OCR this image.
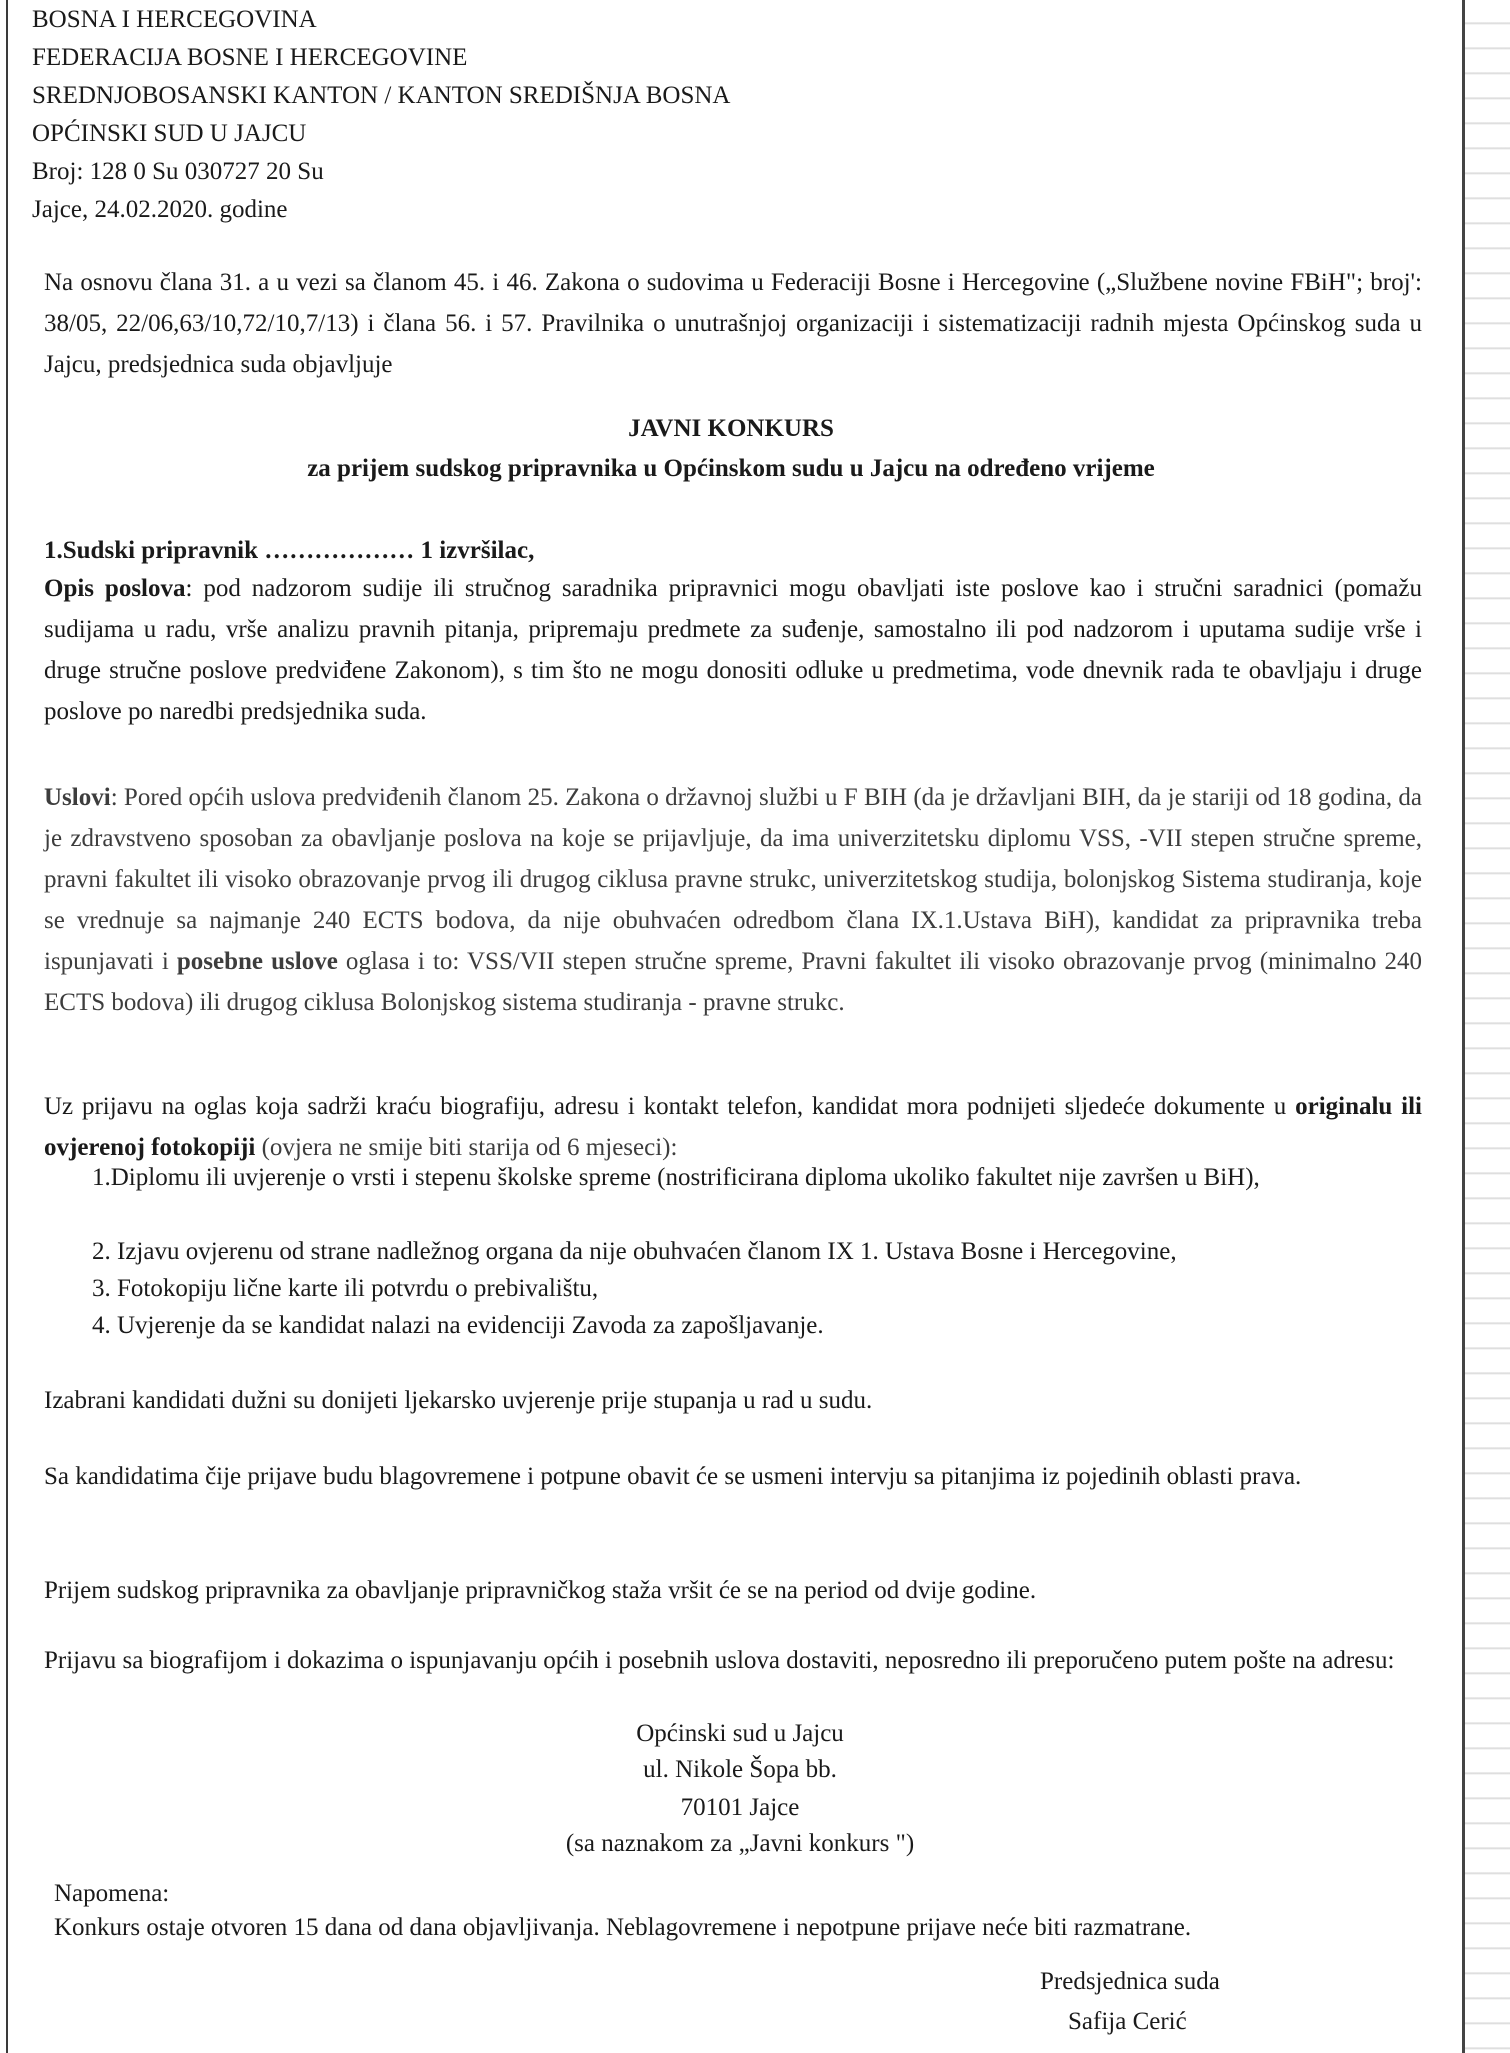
BOSNA I HERCEGOVINA
FEDERACIJA BOSNE I HERCEGOVINE
SREDNJOBOSANSKI KANTON / KANTON SREDIŠNJA BOSNA
OPĆINSKI SUD U JAJCU
Broj: 128 0 Su 030727 20 Su
Jajce, 24.02.2020. godine
Na osnovu člana 31. a u vezi sa članom 45. i 46. Zakona o sudovima u Federaciji Bosne i Hercegovine („Službene novine FBiH"; broj': 38/05, 22/06,63/10,72/10,7/13) i člana 56. i 57. Pravilnika o unutrašnjoj organizaciji i sistematizaciji radnih mjesta Općinskog suda u Jajcu, predsjednica suda objavljuje
JAVNI KONKURS
za prijem sudskog pripravnika u Općinskom sudu u Jajcu na određeno vrijeme
1.Sudski pripravnik ……………… 1 izvršilac,
Opis poslova: pod nadzorom sudije ili stručnog saradnika pripravnici mogu obavljati iste poslove kao i stručni saradnici (pomažu sudijama u radu, vrše analizu pravnih pitanja, pripremaju predmete za suđenje, samostalno ili pod nadzorom i uputama sudije vrše i druge stručne poslove predviđene Zakonom), s tim što ne mogu donositi odluke u predmetima, vode dnevnik rada te obavljaju i druge poslove po naredbi predsjednika suda.
Uslovi: Pored općih uslova predviđenih članom 25. Zakona o državnoj službi u F BIH (da je državljani BIH, da je stariji od 18 godina, da je zdravstveno sposoban za obavljanje poslova na koje se prijavljuje, da ima univerzitetsku diplomu VSS, -VII stepen stručne spreme, pravni fakultet ili visoko obrazovanje prvog ili drugog ciklusa pravne strukc, univerzitetskog studija, bolonjskog Sistema studiranja, koje se vrednuje sa najmanje 240 ECTS bodova, da nije obuhvaćen odredbom člana IX.1.Ustava BiH), kandidat za pripravnika treba ispunjavati i posebne uslove oglasa i to: VSS/VII stepen stručne spreme, Pravni fakultet ili visoko obrazovanje prvog (minimalno 240 ECTS bodova) ili drugog ciklusa Bolonjskog sistema studiranja - pravne strukc.
Uz prijavu na oglas koja sadrži kraću biografiju, adresu i kontakt telefon, kandidat mora podnijeti sljedeće dokumente u originalu ili ovjerenoj fotokopiji (ovjera ne smije biti starija od 6 mjeseci):
1.Diplomu ili uvjerenje o vrsti i stepenu školske spreme (nostrificirana diploma ukoliko fakultet nije završen u BiH),
2. Izjavu ovjerenu od strane nadležnog organa da nije obuhvaćen članom IX 1. Ustava Bosne i Hercegovine,
3. Fotokopiju lične karte ili potvrdu o prebivalištu,
4. Uvjerenje da se kandidat nalazi na evidenciji Zavoda za zapošljavanje.
Izabrani kandidati dužni su donijeti ljekarsko uvjerenje prije stupanja u rad u sudu.
Sa kandidatima čije prijave budu blagovremene i potpune obavit će se usmeni intervju sa pitanjima iz pojedinih oblasti prava.
Prijem sudskog pripravnika za obavljanje pripravničkog staža vršit će se na period od dvije godine.
Prijavu sa biografijom i dokazima o ispunjavanju općih i posebnih uslova dostaviti, neposredno ili preporučeno putem pošte na adresu:
Općinski sud u Jajcu
ul. Nikole Šopa bb.
70101 Jajce
(sa naznakom za „Javni konkurs ")
Napomena:
Konkurs ostaje otvoren 15 dana od dana objavljivanja. Neblagovremene i nepotpune prijave neće biti razmatrane.
Predsjednica suda
Safija Cerić
